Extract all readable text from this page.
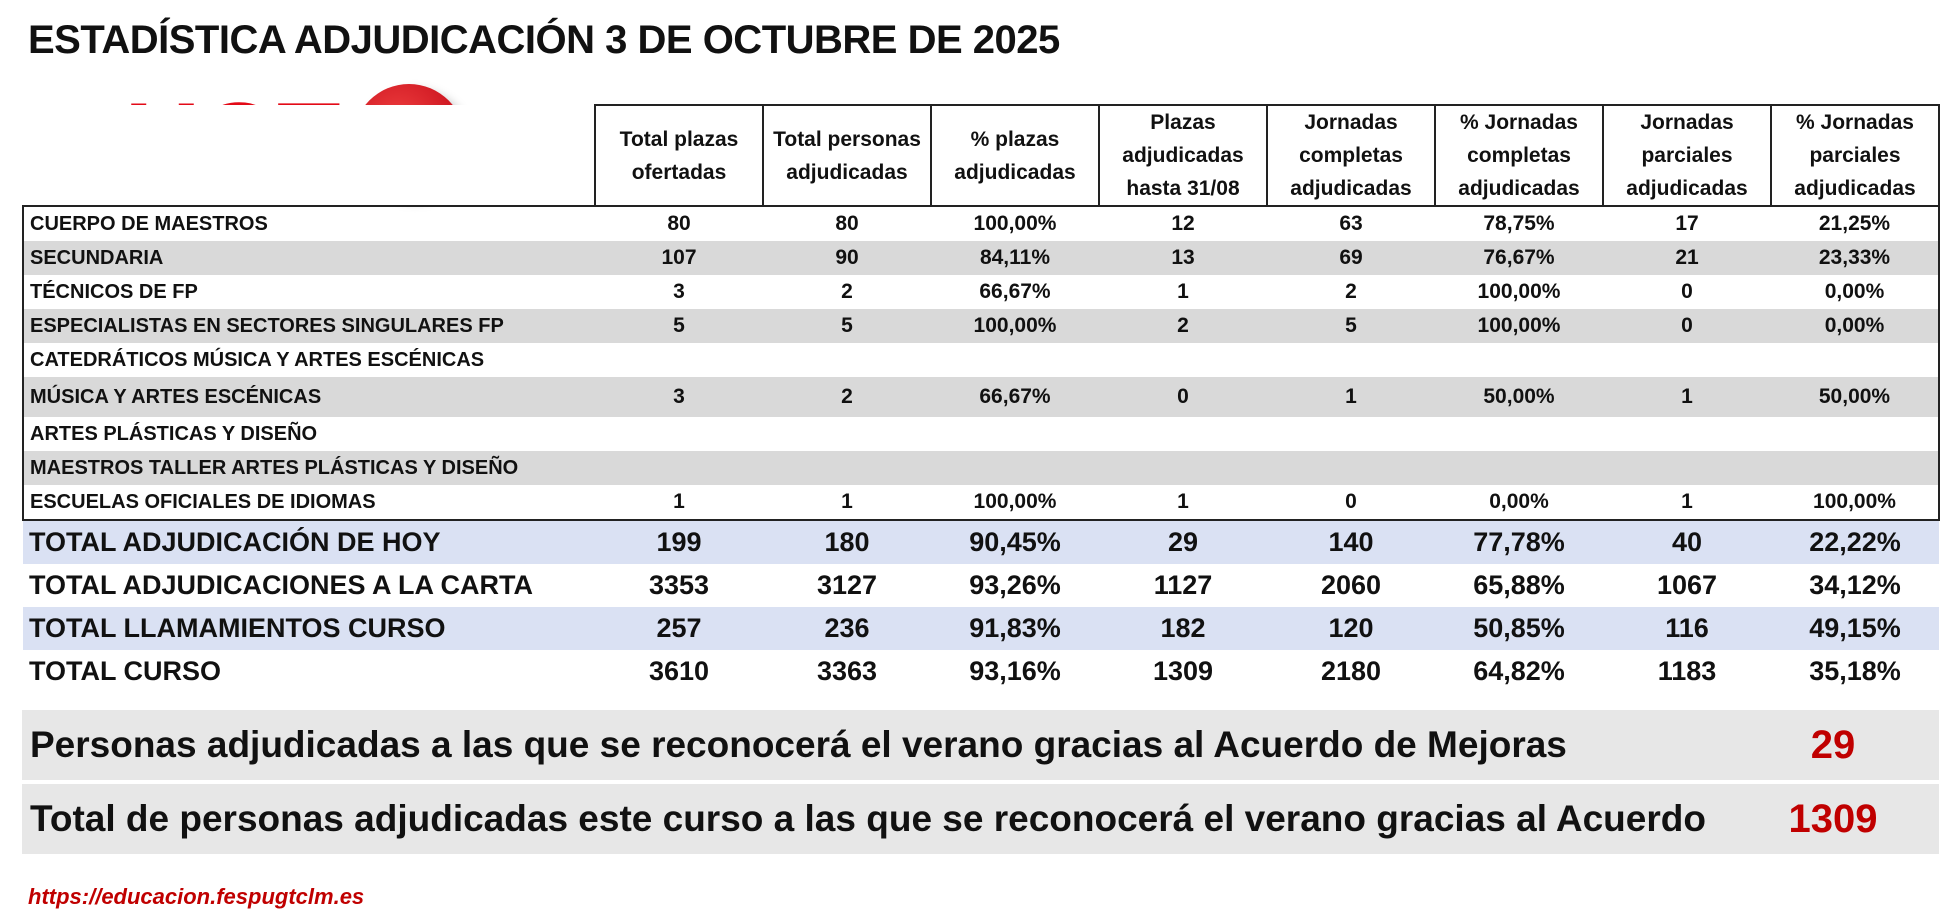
ESTADÍSTICA ADJUDICACIÓN 3 DE OCTUBRE DE 2025
	Total plazas
ofertadas	Total personas
adjudicadas	% plazas
adjudicadas	Plazas
adjudicadas
hasta 31/08	Jornadas
completas
adjudicadas	% Jornadas
completas
adjudicadas	Jornadas
parciales
adjudicadas	% Jornadas
parciales
adjudicadas
CUERPO DE MAESTROS	80	80	100,00%	12	63	78,75%	17	21,25%
SECUNDARIA	107	90	84,11%	13	69	76,67%	21	23,33%
TÉCNICOS DE FP	3	2	66,67%	1	2	100,00%	0	0,00%
ESPECIALISTAS EN SECTORES SINGULARES FP	5	5	100,00%	2	5	100,00%	0	0,00%
CATEDRÁTICOS MÚSICA Y ARTES ESCÉNICAS								
MÚSICA Y ARTES ESCÉNICAS	3	2	66,67%	0	1	50,00%	1	50,00%
ARTES PLÁSTICAS Y DISEÑO								
MAESTROS TALLER ARTES PLÁSTICAS Y DISEÑO								
ESCUELAS OFICIALES DE IDIOMAS	1	1	100,00%	1	0	0,00%	1	100,00%
TOTAL ADJUDICACIÓN DE HOY	199	180	90,45%	29	140	77,78%	40	22,22%
TOTAL ADJUDICACIONES A LA CARTA	3353	3127	93,26%	1127	2060	65,88%	1067	34,12%
TOTAL LLAMAMIENTOS CURSO	257	236	91,83%	182	120	50,85%	116	49,15%
TOTAL CURSO	3610	3363	93,16%	1309	2180	64,82%	1183	35,18%
Personas adjudicadas a las que se reconocerá el verano gracias al Acuerdo de Mejoras	29
Total de personas adjudicadas este curso a las que se reconocerá el verano gracias al Acuerdo	1309
https://educacion.fespugtclm.es
